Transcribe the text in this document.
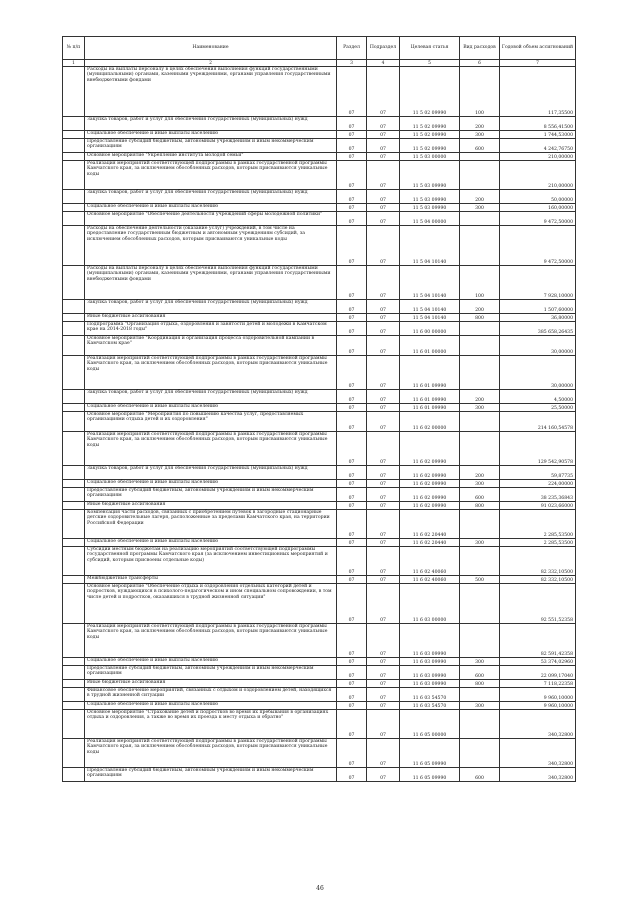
№ п/п	Наименование	Раздел	Подраздел	Целевая статья	Вид расходов	Годовой объем ассигнований
1	2	3	4	5	6	7
	Расходы на выплаты персоналу в целях обеспечения выполнения функций государственными (муниципальными) органами, казенными учреждениями, органами управления государственными внебюджетными фондами	07	07	11 5 02 09990	100	117,35500
	Закупка товаров, работ и услуг для обеспечения государственных (муниципальных) нужд	07	07	11 5 02 09990	200	8 556,41500
	Социальное обеспечение и иные выплаты населению	07	07	11 5 02 09990	300	1 744,53000
	Предоставление субсидий бюджетным, автономным учреждениям и иным некоммерческим организациям	07	07	11 5 02 09990	600	4 242,76750
	Основное мероприятие "Укрепление института молодой семьи"	07	07	11 5 03 00000		210,00000
	Реализация мероприятий соответствующей подпрограммы в рамках государственной программы Камчатского края, за исключением обособленных расходов, которым присваиваются уникальные коды	07	07	11 5 03 09990		210,00000
	Закупка товаров, работ и услуг для обеспечения государственных (муниципальных) нужд	07	07	11 5 03 09990	200	50,00000
	Социальное обеспечение и иные выплаты населению	07	07	11 5 03 09990	300	160,00000
	Основное мероприятие "Обеспечение деятельности учреждений сферы молодежной политики"	07	07	11 5 04 00000		9 472,50000
	Расходы на обеспечение деятельности (оказание услуг) учреждений, в том числе на предоставление государственным бюджетным и автономным учреждениям субсидий, за исключением обособленных расходов, которым присваиваются уникальные коды	07	07	11 5 04 10140		9 472,50000
	Расходы на выплаты персоналу в целях обеспечения выполнения функций государственными (муниципальными) органами, казенными учреждениями, органами управления государственными внебюджетными фондами	07	07	11 5 04 10140	100	7 928,10000
	Закупка товаров, работ и услуг для обеспечения государственных (муниципальных) нужд	07	07	11 5 04 10140	200	1 507,60000
	Иные бюджетные ассигнования	07	07	11 5 04 10140	800	36,80000
	Подпрограмма "Организация отдыха, оздоровления и занятости детей и молодежи в Камчатском крае на 2014-2018 годы"	07	07	11 6 00 00000		385 658,26435
	Основное мероприятие "Координация и организация процесса оздоровительной кампании в Камчатском крае"	07	07	11 6 01 00000		30,00000
	Реализация мероприятий соответствующей подпрограммы в рамках государственной программы Камчатского края, за исключением обособленных расходов, которым присваиваются уникальные коды	07	07	11 6 01 09990		30,00000
	Закупка товаров, работ и услуг для обеспечения государственных (муниципальных) нужд	07	07	11 6 01 09990	200	4,50000
	Социальное обеспечение и иные выплаты населению	07	07	11 6 01 09990	300	25,50000
	Основное мероприятие "Мероприятия по повышению качества услуг, предоставляемых организациями отдыха детей и их оздоровления"	07	07	11 6 02 00000		214 160,54578
	Реализация мероприятий соответствующей подпрограммы в рамках государственной программы Камчатского края, за исключением обособленных расходов, которым присваиваются уникальные коды	07	07	11 6 02 09990		129 542,90578
	Закупка товаров, работ и услуг для обеспечения государственных (муниципальных) нужд	07	07	11 6 02 09990	200	59,87735
	Социальное обеспечение и иные выплаты населению	07	07	11 6 02 09990	300	224,00000
	Предоставление субсидий бюджетным, автономным учреждениям и иным некоммерческим организациям	07	07	11 6 02 09990	600	38 235,36843
	Иные бюджетные ассигнования	07	07	11 6 02 09990	800	91 023,66000
	Компенсация части расходов, связанных с приобретением путевок в загородные стационарные детские оздоровительные лагеря, расположенные за пределами Камчатского края, на территории Российской Федерации	07	07	11 6 02 20440		2 285,53500
	Социальное обеспечение и иные выплаты населению	07	07	11 6 02 20440	300	2 285,53500
	Субсидии местным бюджетам на реализацию мероприятий соответствующей подпрограммы государственной программы Камчатского края (за исключением инвестиционных мероприятий и субсидий, которым присвоены отдельные коды)	07	07	11 6 02 40060		82 332,10500
	Межбюджетные трансферты	07	07	11 6 02 40060	500	82 332,10500
	Основное мероприятие "Обеспечение отдыха и оздоровления отдельных категорий детей и подростков, нуждающихся в психолого-педагогическом и ином специальном сопровождении, в том числе детей и подростков, оказавшихся в трудной жизненной ситуации"	07	07	11 6 03 00000		92 551,52358
	Реализация мероприятий соответствующей подпрограммы в рамках государственной программы Камчатского края, за исключением обособленных расходов, которым присваиваются уникальные коды	07	07	11 6 03 09990		82 591,42358
	Социальное обеспечение и иные выплаты населению	07	07	11 6 03 09990	300	53 374,02960
	Предоставление субсидий бюджетным, автономным учреждениям и иным некоммерческим организациям	07	07	11 6 03 09990	600	22 099,17040
	Иные бюджетные ассигнования	07	07	11 6 03 09990	800	7 118,22358
	Финансовое обеспечение мероприятий, связанных с отдыхом и оздоровлением детей, находящихся в трудной жизненной ситуации	07	07	11 6 03 54570		9 960,10000
	Социальное обеспечение и иные выплаты населению	07	07	11 6 03 54570	300	9 960,10000
	Основное мероприятие "Страхование детей и подростков во время их пребывания в организациях отдыха и оздоровления, а также во время их проезда к месту отдыха и обратно"	07	07	11 6 05 00000		340,32800
	Реализация мероприятий соответствующей подпрограммы в рамках государственной программы Камчатского края, за исключением обособленных расходов, которым присваиваются уникальные коды	07	07	11 6 05 09990		340,32800
	Предоставление субсидий бюджетным, автономным учреждениям и иным некоммерческим организациям	07	07	11 6 05 09990	600	340,32800
46
